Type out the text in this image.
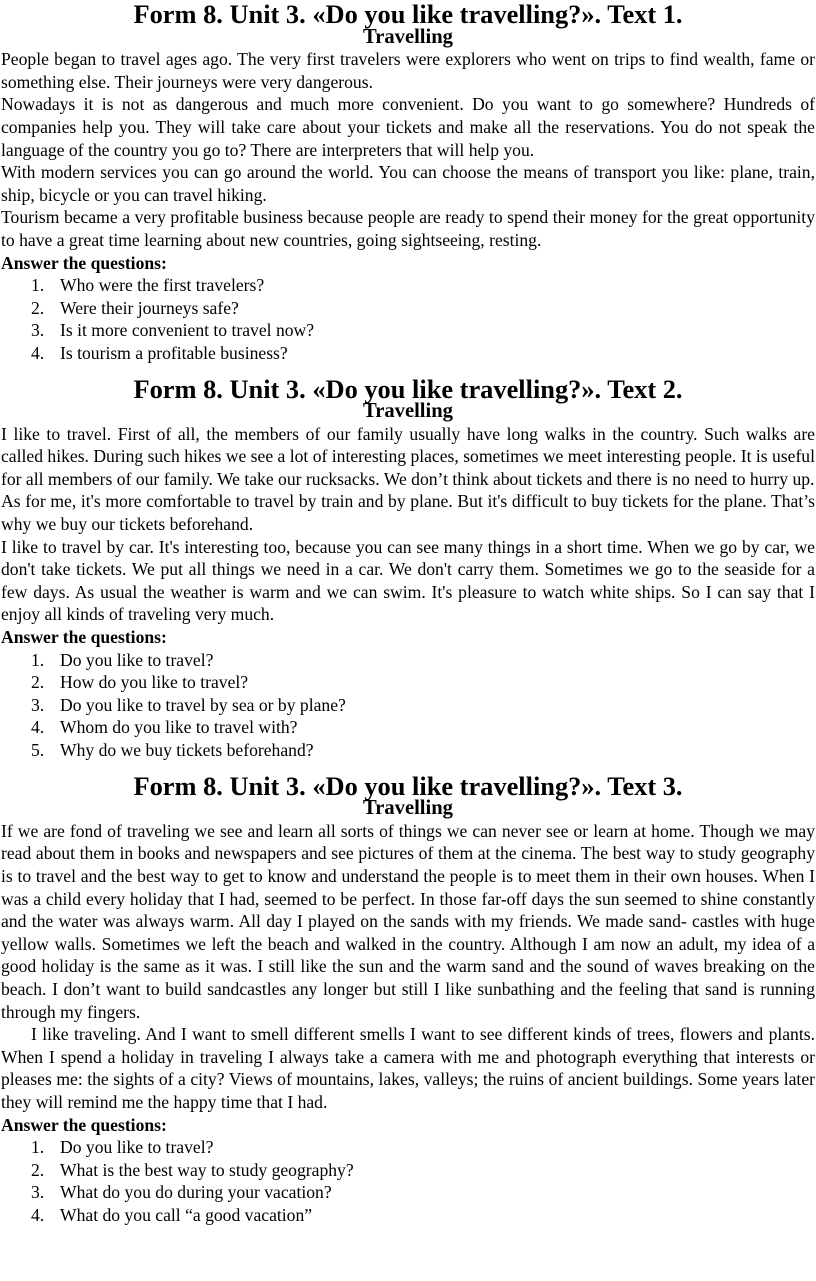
Form 8. Unit 3. «Do you like travelling?». Text 1.
Travelling

People began to travel ages ago. The very first travelers were explorers who went on trips to find wealth, fame or something else. Their journeys were very dangerous.

Nowadays it is not as dangerous and much more convenient. Do you want to go somewhere? Hundreds of companies help you. They will take care about your tickets and make all the reservations. You do not speak the language of the country you go to? There are interpreters that will help you.

With modern services you can go around the world. You can choose the means of transport you like: plane, train, ship, bicycle or you can travel hiking.

Tourism became a very profitable business because people are ready to spend their money for the great opportunity to have a great time learning about new countries, going sightseeing, resting.

Answer the questions:
1. Who were the first travelers?
2. Were their journeys safe?
3. Is it more convenient to travel now?
4. Is tourism a profitable business?
Form 8. Unit 3. «Do you like travelling?». Text 2.
Travelling

I like to travel. First of all, the members of our family usually have long walks in the country. Such walks are called hikes. During such hikes we see a lot of interesting places, sometimes we meet interesting people. It is useful for all members of our family. We take our rucksacks. We don’t think about tickets and there is no need to hurry up.

As for me, it's more comfortable to travel by train and by plane. But it's difficult to buy tickets for the plane. That’s why we buy our tickets beforehand.

I like to travel by car. It's interesting too, because you can see many things in a short time. When we go by car, we don't take tickets. We put all things we need in a car. We don't carry them. Sometimes we go to the seaside for a few days. As usual the weather is warm and we can swim. It's pleasure to watch white ships. So I can say that I enjoy all kinds of traveling very much.

Answer the questions:
1. Do you like to travel?
2. How do you like to travel?
3. Do you like to travel by sea or by plane?
4. Whom do you like to travel with?
5. Why do we buy tickets beforehand?
Form 8. Unit 3. «Do you like travelling?». Text 3.
Travelling

If we are fond of traveling we see and learn all sorts of things we can never see or learn at home. Though we may read about them in books and newspapers and see pictures of them at the cinema. The best way to study geography is to travel and the best way to get to know and understand the people is to meet them in their own houses. When I was a child every holiday that I had, seemed to be perfect. In those far-off days the sun seemed to shine constantly and the water was always warm. All day I played on the sands with my friends. We made sand- castles with huge yellow walls. Sometimes we left the beach and walked in the country. Although I am now an adult, my idea of a good holiday is the same as it was. I still like the sun and the warm sand and the sound of waves breaking on the beach. I don’t want to build sandcastles any longer but still I like sunbathing and the feeling that sand is running through my fingers.

I like traveling. And I want to smell different smells I want to see different kinds of trees, flowers and plants. When I spend a holiday in traveling I always take a camera with me and photograph everything that interests or pleases me: the sights of a city? Views of mountains, lakes, valleys; the ruins of ancient buildings. Some years later they will remind me the happy time that I had.

Answer the questions:
1. Do you like to travel?
2. What is the best way to study geography?
3. What do you do during your vacation?
4. What do you call “a good vacation”
